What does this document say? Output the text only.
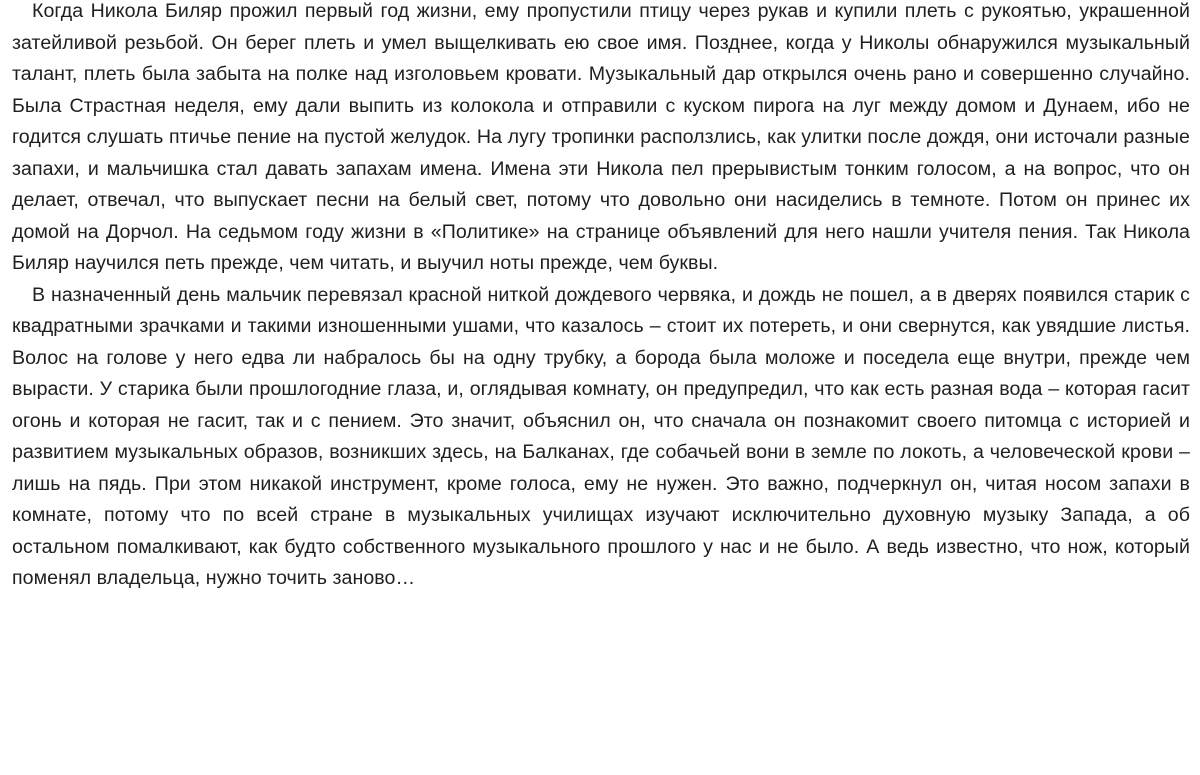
Когда Никола Биляр прожил первый год жизни, ему пропустили птицу через рукав и купили плеть с рукоятью, украшенной затейливой резьбой. Он берег плеть и умел выщелкивать ею свое имя. Позднее, когда у Николы обнаружился музыкальный талант, плеть была забыта на полке над изголовьем кровати. Музыкальный дар открылся очень рано и совершенно случайно. Была Страстная неделя, ему дали выпить из колокола и отправили с куском пирога на луг между домом и Дунаем, ибо не годится слушать птичье пение на пустой желудок. На лугу тропинки расползлись, как улитки после дождя, они источали разные запахи, и мальчишка стал давать запахам имена. Имена эти Никола пел прерывистым тонким голосом, а на вопрос, что он делает, отвечал, что выпускает песни на белый свет, потому что довольно они насиделись в темноте. Потом он принес их домой на Дорчол. На седьмом году жизни в «Политике» на странице объявлений для него нашли учителя пения. Так Никола Биляр научился петь прежде, чем читать, и выучил ноты прежде, чем буквы.

В назначенный день мальчик перевязал красной ниткой дождевого червяка, и дождь не пошел, а в дверях появился старик с квадратными зрачками и такими изношенными ушами, что казалось – стоит их потереть, и они свернутся, как увядшие листья. Волос на голове у него едва ли набралось бы на одну трубку, а борода была моложе и поседела еще внутри, прежде чем вырасти. У старика были прошлогодние глаза, и, оглядывая комнату, он предупредил, что как есть разная вода – которая гасит огонь и которая не гасит, так и с пением. Это значит, объяснил он, что сначала он познакомит своего питомца с историей и развитием музыкальных образов, возникших здесь, на Балканах, где собачьей вони в земле по локоть, а человеческой крови – лишь на пядь. При этом никакой инструмент, кроме голоса, ему не нужен. Это важно, подчеркнул он, читая носом запахи в комнате, потому что по всей стране в музыкальных училищах изучают исключительно духовную музыку Запада, а об остальном помалкивают, как будто собственного музыкального прошлого у нас и не было. А ведь известно, что нож, который поменял владельца, нужно точить заново…
